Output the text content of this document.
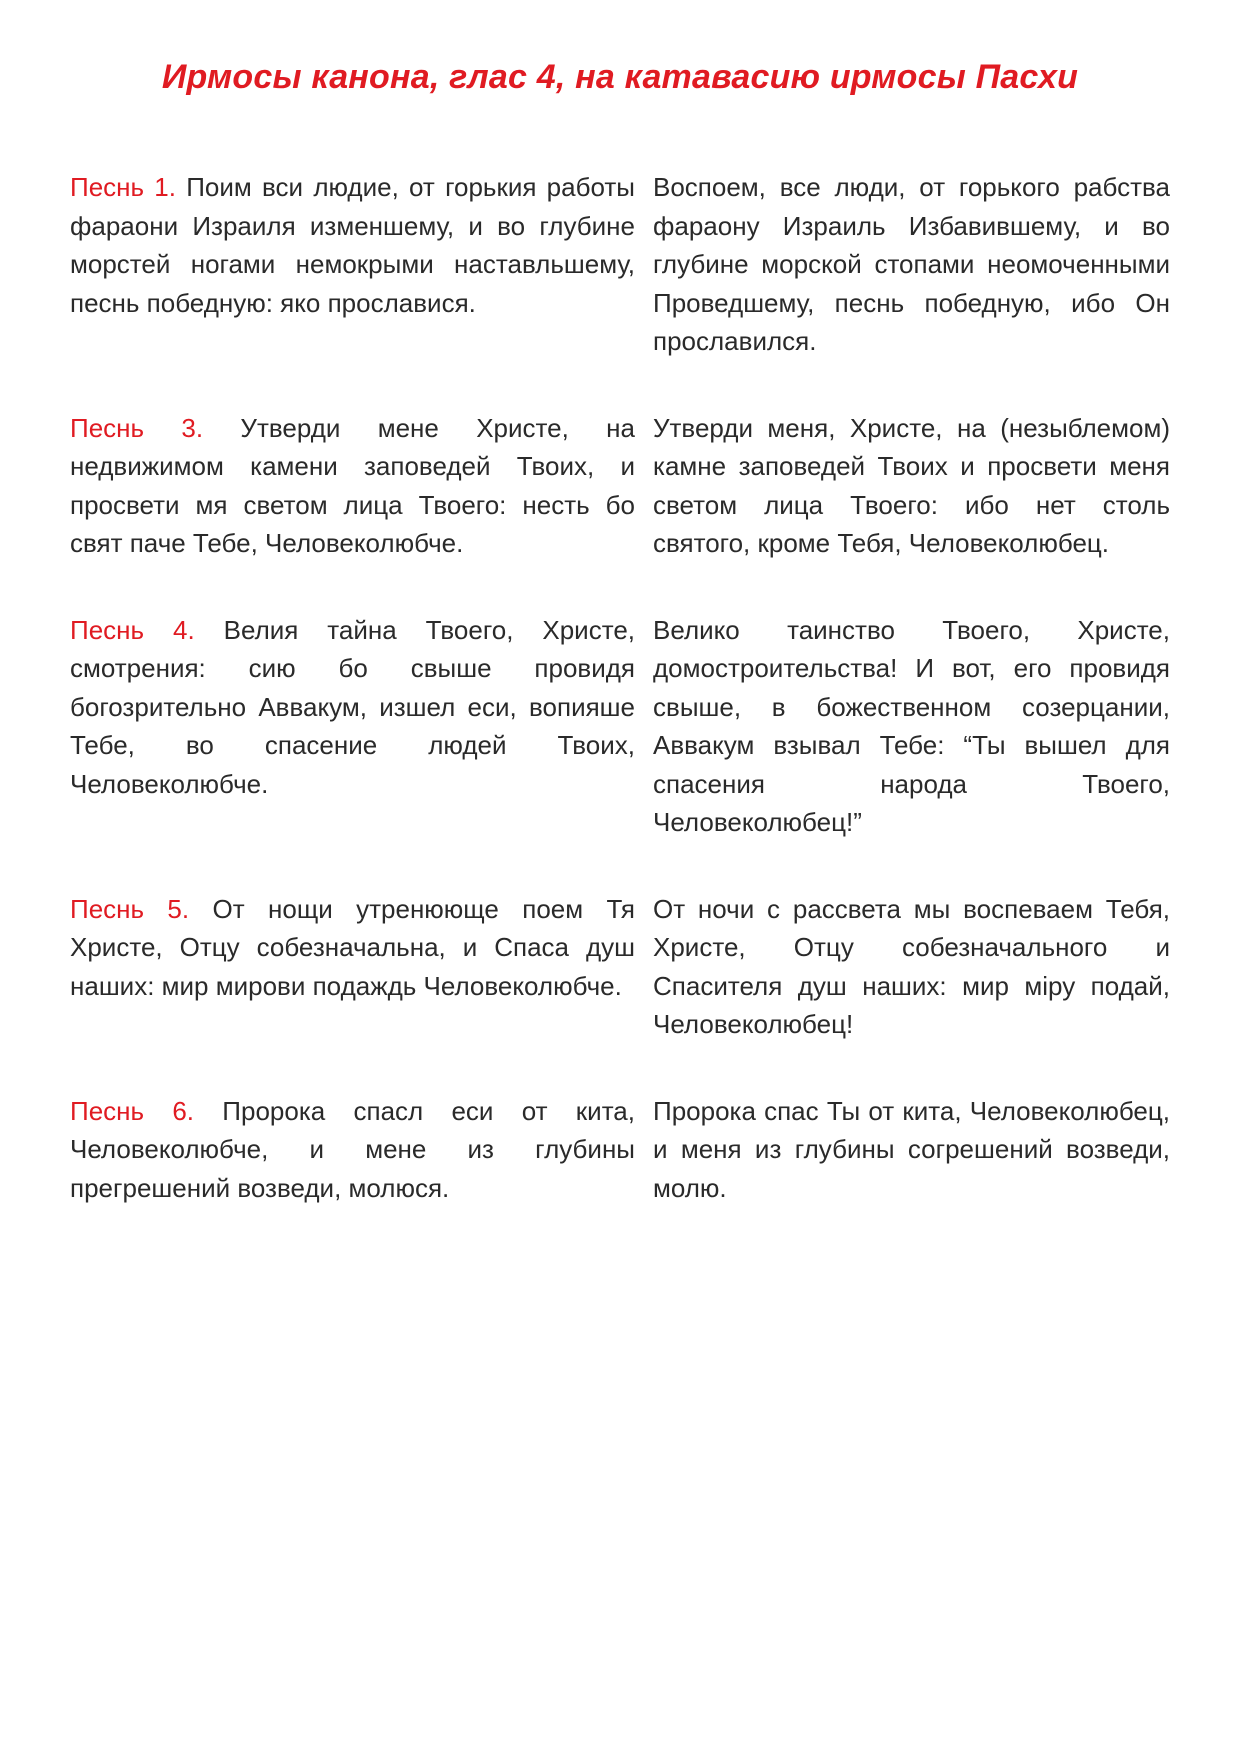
Ирмосы канона, глас 4, на катавасию ирмосы Пасхи

Песнь 1. Поим вси людие, от горькия работы фараони Израиля изменшему, и во глубине морстей ногами немокрыми наставльшему, песнь победную: яко прославися.

Воспоем, все люди, от горького рабства фараону Израиль Избавившему, и во глубине морской стопами неомоченными Проведшему, песнь победную, ибо Он прославился.

Песнь 3. Утверди мене Христе, на недвижимом камени заповедей Твоих, и просвети мя светом лица Твоего: несть бо свят паче Тебе, Человеколюбче.

Утверди меня, Христе, на (незыблемом) камне заповедей Твоих и просвети меня светом лица Твоего: ибо нет столь святого, кроме Тебя, Человеколюбец.

Песнь 4. Велия тайна Твоего, Христе, смотрения: сию бо свыше провидя богозрительно Аввакум, изшел еси, вопияше Тебе, во спасение людей Твоих, Человеколюбче.

Велико таинство Твоего, Христе, домостроительства! И вот, его провидя свыше, в божественном созерцании, Аввакум взывал Тебе: “Ты вышел для спасения народа Твоего, Человеколюбец!”

Песнь 5. От нощи утренююще поем Тя Христе, Отцу собезначальна, и Спаса душ наших: мир мирови подаждь Человеколюбче.

От ночи с рассвета мы воспеваем Тебя, Христе, Отцу собезначального и Спасителя душ наших: мир міру подай, Человеколюбец!

Песнь 6. Пророка спасл еси от кита, Человеколюбче, и мене из глубины прегрешений возведи, молюся.

Пророка спас Ты от кита, Человеколюбец, и меня из глубины согрешений возведи, молю.
